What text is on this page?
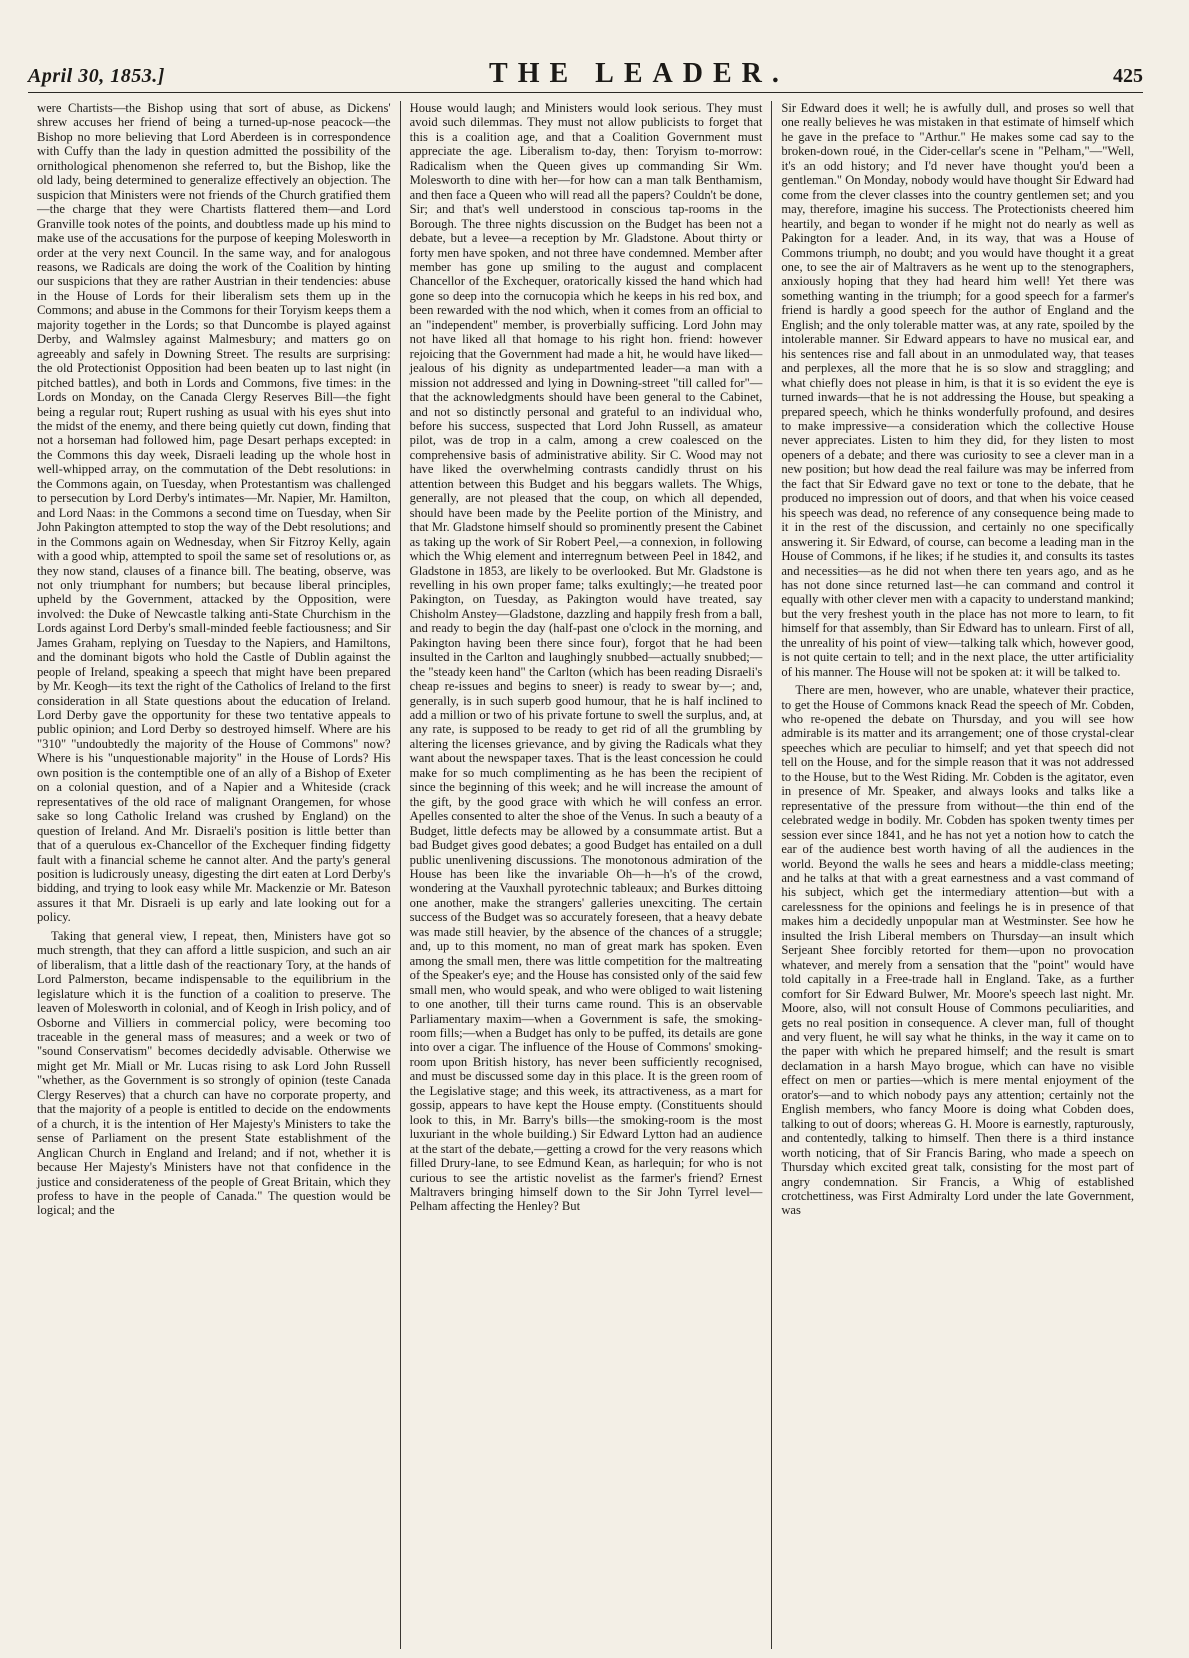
April 30, 1853.]	THE LEADER.	425

were Chartists—the Bishop using that sort of abuse, as Dickens' shrew accuses her friend of being a turned-up-nose peacock—the Bishop no more believing that Lord Aberdeen is in correspondence with Cuffy than the lady in question admitted the possibility of the ornithological phenomenon she referred to, but the Bishop, like the old lady, being determined to generalize effectively an objection. The suspicion that Ministers were not friends of the Church gratified them—the charge that they were Chartists flattered them—and Lord Granville took notes of the points, and doubtless made up his mind to make use of the accusations for the purpose of keeping Molesworth in order at the very next Council. In the same way, and for analogous reasons, we Radicals are doing the work of the Coalition by hinting our suspicions that they are rather Austrian in their tendencies: abuse in the House of Lords for their liberalism sets them up in the Commons; and abuse in the Commons for their Toryism keeps them a majority together in the Lords; so that Duncombe is played against Derby, and Walmsley against Malmesbury; and matters go on agreeably and safely in Downing Street. The results are surprising: the old Protectionist Opposition had been beaten up to last night (in pitched battles), and both in Lords and Commons, five times: in the Lords on Monday, on the Canada Clergy Reserves Bill—the fight being a regular rout; Rupert rushing as usual with his eyes shut into the midst of the enemy, and there being quietly cut down, finding that not a horseman had followed him, page Desart perhaps excepted: in the Commons this day week, Disraeli leading up the whole host in well-whipped array, on the commutation of the Debt resolutions: in the Commons again, on Tuesday, when Protestantism was challenged to persecution by Lord Derby's intimates—Mr. Napier, Mr. Hamilton, and Lord Naas: in the Commons a second time on Tuesday, when Sir John Pakington attempted to stop the way of the Debt resolutions; and in the Commons again on Wednesday, when Sir Fitzroy Kelly, again with a good whip, attempted to spoil the same set of resolutions or, as they now stand, clauses of a finance bill. The beating, observe, was not only triumphant for numbers; but because liberal principles, upheld by the Government, attacked by the Opposition, were involved: the Duke of Newcastle talking anti-State Churchism in the Lords against Lord Derby's small-minded feeble factiousness; and Sir James Graham, replying on Tuesday to the Napiers, and Hamiltons, and the dominant bigots who hold the Castle of Dublin against the people of Ireland, speaking a speech that might have been prepared by Mr. Keogh—its text the right of the Catholics of Ireland to the first consideration in all State questions about the education of Ireland. Lord Derby gave the opportunity for these two tentative appeals to public opinion; and Lord Derby so destroyed himself. Where are his "310" "undoubtedly the majority of the House of Commons" now? Where is his "unquestionable majority" in the House of Lords? His own position is the contemptible one of an ally of a Bishop of Exeter on a colonial question, and of a Napier and a Whiteside (crack representatives of the old race of malignant Orangemen, for whose sake so long Catholic Ireland was crushed by England) on the question of Ireland. And Mr. Disraeli's position is little better than that of a querulous ex-Chancellor of the Exchequer finding fidgetty fault with a financial scheme he cannot alter. And the party's general position is ludicrously uneasy, digesting the dirt eaten at Lord Derby's bidding, and trying to look easy while Mr. Mackenzie or Mr. Bateson assures it that Mr. Disraeli is up early and late looking out for a policy.

Taking that general view, I repeat, then, Ministers have got so much strength, that they can afford a little suspicion, and such an air of liberalism, that a little dash of the reactionary Tory, at the hands of Lord Palmerston, became indispensable to the equilibrium in the legislature which it is the function of a coalition to preserve. The leaven of Molesworth in colonial, and of Keogh in Irish policy, and of Osborne and Villiers in commercial policy, were becoming too traceable in the general mass of measures; and a week or two of "sound Conservatism" becomes decidedly advisable. Otherwise we might get Mr. Miall or Mr. Lucas rising to ask Lord John Russell "whether, as the Government is so strongly of opinion (teste Canada Clergy Reserves) that a church can have no corporate property, and that the majority of a people is entitled to decide on the endowments of a church, it is the intention of Her Majesty's Ministers to take the sense of Parliament on the present State establishment of the Anglican Church in England and Ireland; and if not, whether it is because Her Majesty's Ministers have not that confidence in the justice and considerateness of the people of Great Britain, which they profess to have in the people of Canada." The question would be logical; and the

House would laugh; and Ministers would look serious. They must avoid such dilemmas. They must not allow publicists to forget that this is a coalition age, and that a Coalition Government must appreciate the age. Liberalism to-day, then: Toryism to-morrow: Radicalism when the Queen gives up commanding Sir Wm. Molesworth to dine with her—for how can a man talk Benthamism, and then face a Queen who will read all the papers? Couldn't be done, Sir; and that's well understood in conscious tap-rooms in the Borough. The three nights discussion on the Budget has been not a debate, but a levee—a reception by Mr. Gladstone. About thirty or forty men have spoken, and not three have condemned. Member after member has gone up smiling to the august and complacent Chancellor of the Exchequer, oratorically kissed the hand which had gone so deep into the cornucopia which he keeps in his red box, and been rewarded with the nod which, when it comes from an official to an "independent" member, is proverbially sufficing. Lord John may not have liked all that homage to his right hon. friend: however rejoicing that the Government had made a hit, he would have liked—jealous of his dignity as undepartmented leader—a man with a mission not addressed and lying in Downing-street "till called for"—that the acknowledgments should have been general to the Cabinet, and not so distinctly personal and grateful to an individual who, before his success, suspected that Lord John Russell, as amateur pilot, was de trop in a calm, among a crew coalesced on the comprehensive basis of administrative ability. Sir C. Wood may not have liked the overwhelming contrasts candidly thrust on his attention between this Budget and his beggars wallets. The Whigs, generally, are not pleased that the coup, on which all depended, should have been made by the Peelite portion of the Ministry, and that Mr. Gladstone himself should so prominently present the Cabinet as taking up the work of Sir Robert Peel,—a connexion, in following which the Whig element and interregnum between Peel in 1842, and Gladstone in 1853, are likely to be overlooked. But Mr. Gladstone is revelling in his own proper fame; talks exultingly;—he treated poor Pakington, on Tuesday, as Pakington would have treated, say Chisholm Anstey—Gladstone, dazzling and happily fresh from a ball, and ready to begin the day (half-past one o'clock in the morning, and Pakington having been there since four), forgot that he had been insulted in the Carlton and laughingly snubbed—actually snubbed;—the "steady keen hand" the Carlton (which has been reading Disraeli's cheap re-issues and begins to sneer) is ready to swear by—; and, generally, is in such superb good humour, that he is half inclined to add a million or two of his private fortune to swell the surplus, and, at any rate, is supposed to be ready to get rid of all the grumbling by altering the licenses grievance, and by giving the Radicals what they want about the newspaper taxes. That is the least concession he could make for so much complimenting as he has been the recipient of since the beginning of this week; and he will increase the amount of the gift, by the good grace with which he will confess an error. Apelles consented to alter the shoe of the Venus. In such a beauty of a Budget, little defects may be allowed by a consummate artist. But a bad Budget gives good debates; a good Budget has entailed on a dull public unenlivening discussions. The monotonous admiration of the House has been like the invariable Oh—h—h's of the crowd, wondering at the Vauxhall pyrotechnic tableaux; and Burkes dittoing one another, make the strangers' galleries unexciting. The certain success of the Budget was so accurately foreseen, that a heavy debate was made still heavier, by the absence of the chances of a struggle; and, up to this moment, no man of great mark has spoken. Even among the small men, there was little competition for the maltreating of the Speaker's eye; and the House has consisted only of the said few small men, who would speak, and who were obliged to wait listening to one another, till their turns came round. This is an observable Parliamentary maxim—when a Government is safe, the smoking-room fills;—when a Budget has only to be puffed, its details are gone into over a cigar. The influence of the House of Commons' smoking-room upon British history, has never been sufficiently recognised, and must be discussed some day in this place. It is the green room of the Legislative stage; and this week, its attractiveness, as a mart for gossip, appears to have kept the House empty. (Constituents should look to this, in Mr. Barry's bills—the smoking-room is the most luxuriant in the whole building.) Sir Edward Lytton had an audience at the start of the debate,—getting a crowd for the very reasons which filled Drury-lane, to see Edmund Kean, as harlequin; for who is not curious to see the artistic novelist as the farmer's friend? Ernest Maltravers bringing himself down to the Sir John Tyrrel level—Pelham affecting the Henley? But

Sir Edward does it well; he is awfully dull, and proses so well that one really believes he was mistaken in that estimate of himself which he gave in the preface to "Arthur." He makes some cad say to the broken-down roué, in the Cider-cellar's scene in "Pelham,"—"Well, it's an odd history; and I'd never have thought you'd been a gentleman." On Monday, nobody would have thought Sir Edward had come from the clever classes into the country gentlemen set; and you may, therefore, imagine his success. The Protectionists cheered him heartily, and began to wonder if he might not do nearly as well as Pakington for a leader. And, in its way, that was a House of Commons triumph, no doubt; and you would have thought it a great one, to see the air of Maltravers as he went up to the stenographers, anxiously hoping that they had heard him well! Yet there was something wanting in the triumph; for a good speech for a farmer's friend is hardly a good speech for the author of England and the English; and the only tolerable matter was, at any rate, spoiled by the intolerable manner. Sir Edward appears to have no musical ear, and his sentences rise and fall about in an unmodulated way, that teases and perplexes, all the more that he is so slow and straggling; and what chiefly does not please in him, is that it is so evident the eye is turned inwards—that he is not addressing the House, but speaking a prepared speech, which he thinks wonderfully profound, and desires to make impressive—a consideration which the collective House never appreciates. Listen to him they did, for they listen to most openers of a debate; and there was curiosity to see a clever man in a new position; but how dead the real failure was may be inferred from the fact that Sir Edward gave no text or tone to the debate, that he produced no impression out of doors, and that when his voice ceased his speech was dead, no reference of any consequence being made to it in the rest of the discussion, and certainly no one specifically answering it. Sir Edward, of course, can become a leading man in the House of Commons, if he likes; if he studies it, and consults its tastes and necessities—as he did not when there ten years ago, and as he has not done since returned last—he can command and control it equally with other clever men with a capacity to understand mankind; but the very freshest youth in the place has not more to learn, to fit himself for that assembly, than Sir Edward has to unlearn. First of all, the unreality of his point of view—talking talk which, however good, is not quite certain to tell; and in the next place, the utter artificiality of his manner. The House will not be spoken at: it will be talked to.

There are men, however, who are unable, whatever their practice, to get the House of Commons knack Read the speech of Mr. Cobden, who re-opened the debate on Thursday, and you will see how admirable is its matter and its arrangement; one of those crystal-clear speeches which are peculiar to himself; and yet that speech did not tell on the House, and for the simple reason that it was not addressed to the House, but to the West Riding. Mr. Cobden is the agitator, even in presence of Mr. Speaker, and always looks and talks like a representative of the pressure from without—the thin end of the celebrated wedge in bodily. Mr. Cobden has spoken twenty times per session ever since 1841, and he has not yet a notion how to catch the ear of the audience best worth having of all the audiences in the world. Beyond the walls he sees and hears a middle-class meeting; and he talks at that with a great earnestness and a vast command of his subject, which get the intermediary attention—but with a carelessness for the opinions and feelings he is in presence of that makes him a decidedly unpopular man at Westminster. See how he insulted the Irish Liberal members on Thursday—an insult which Serjeant Shee forcibly retorted for them—upon no provocation whatever, and merely from a sensation that the "point" would have told capitally in a Free-trade hall in England. Take, as a further comfort for Sir Edward Bulwer, Mr. Moore's speech last night. Mr. Moore, also, will not consult House of Commons peculiarities, and gets no real position in consequence. A clever man, full of thought and very fluent, he will say what he thinks, in the way it came on to the paper with which he prepared himself; and the result is smart declamation in a harsh Mayo brogue, which can have no visible effect on men or parties—which is mere mental enjoyment of the orator's—and to which nobody pays any attention; certainly not the English members, who fancy Moore is doing what Cobden does, talking to out of doors; whereas G. H. Moore is earnestly, rapturously, and contentedly, talking to himself. Then there is a third instance worth noticing, that of Sir Francis Baring, who made a speech on Thursday which excited great talk, consisting for the most part of angry condemnation. Sir Francis, a Whig of established crotchettiness, was First Admiralty Lord under the late Government, was
